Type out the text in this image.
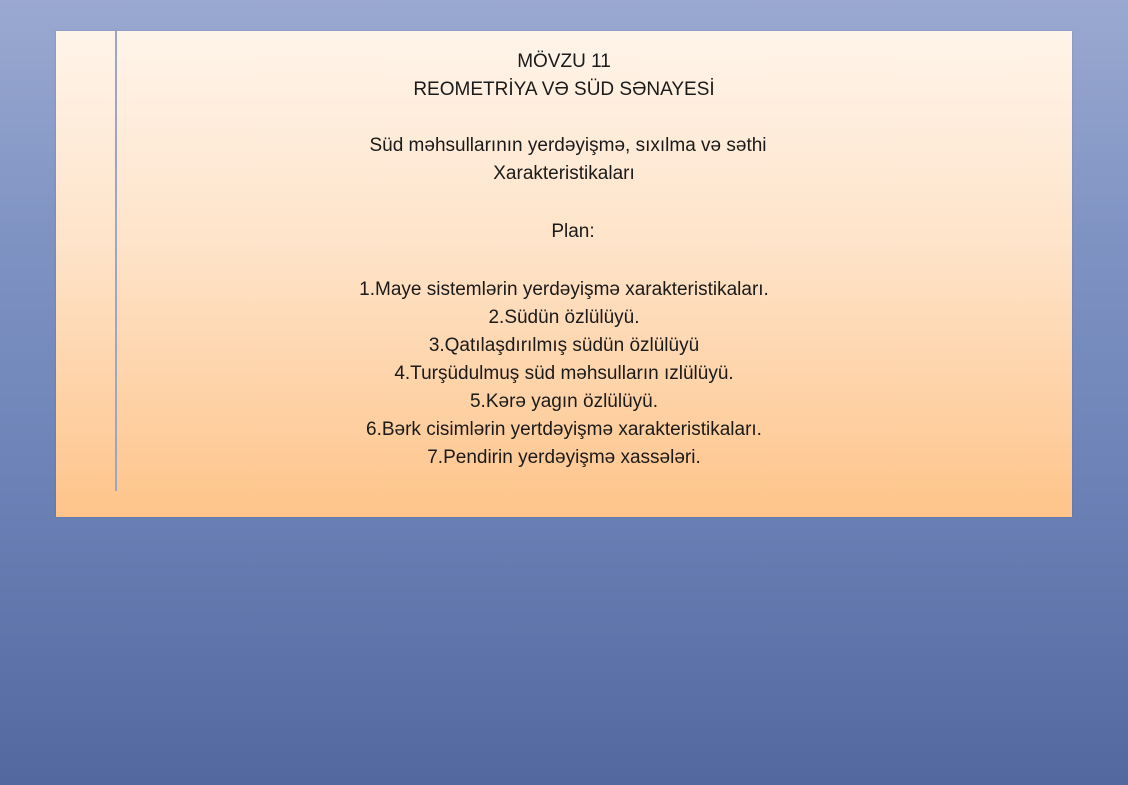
MÖVZU 11
REOMETRİYA VƏ SÜD SƏNAYESİ
Süd məhsullarının yerdəyişmə, sıxılma və səthi
Xarakteristikaları
Plan:
1.Maye sistemlərin yerdəyişmə xarakteristikaları.
2.Südün özlülüyü.
3.Qatılaşdırılmış südün özlülüyü
4.Turşüdulmuş süd məhsulların ızlülüyü.
5.Kərə yagın özlülüyü.
6.Bərk cisimlərin yertdəyişmə xarakteristikaları.
7.Pendirin yerdəyişmə xassələri.
